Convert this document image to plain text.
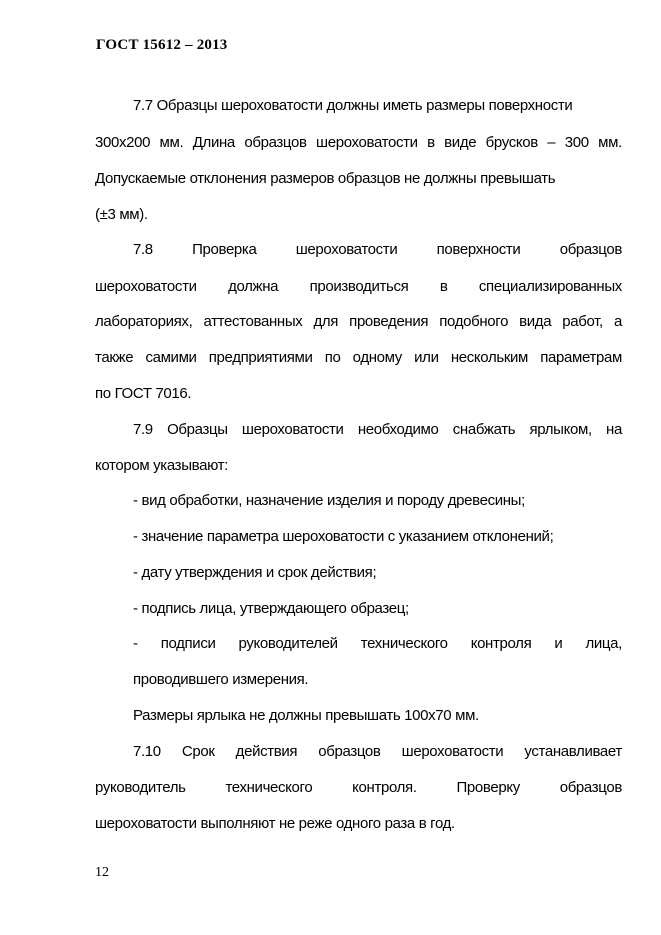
ГОСТ 15612 – 2013
7.7 Образцы шероховатости должны иметь размеры поверхности
300х200 мм. Длина образцов шероховатости в виде брусков – 300 мм.
Допускаемые отклонения размеров образцов не должны превышать
(±3 мм).
7.8	Проверка	шероховатости	поверхности	образцов
шероховатости должна производиться в специализированных
лабораториях, аттестованных для проведения подобного вида работ, а
также самими предприятиями по одному или нескольким параметрам
по ГОСТ 7016.
7.9 Образцы шероховатости необходимо снабжать ярлыком, на
котором указывают:
- вид обработки, назначение изделия и породу древесины;
- значение параметра шероховатости с указанием отклонений;
- дату утверждения и срок действия;
- подпись лица, утверждающего образец;
- подписи руководителей технического контроля и лица,
проводившего измерения.
Размеры ярлыка не должны превышать 100х70 мм.
7.10 Срок действия образцов шероховатости устанавливает
руководитель	технического	контроля.	Проверку	образцов
шероховатости выполняют не реже одного раза в год.
12
